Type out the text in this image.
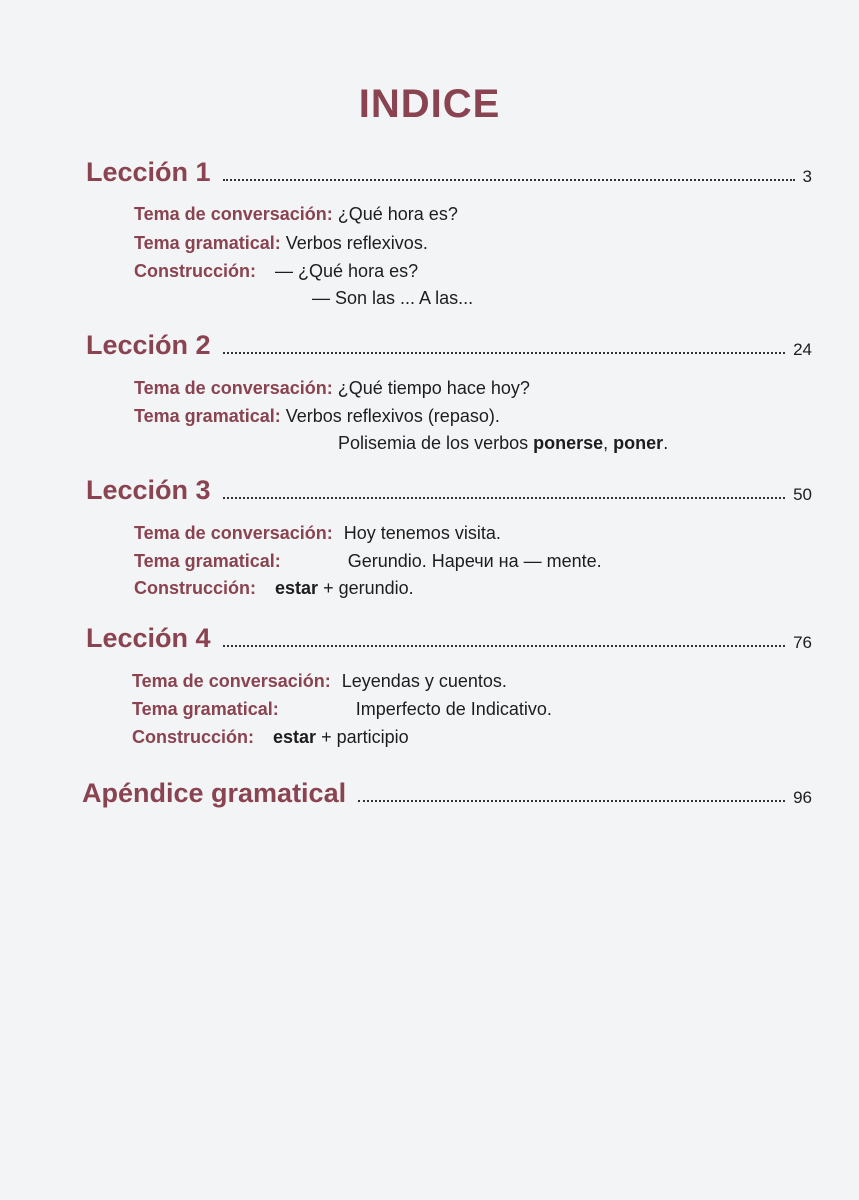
INDICE
Lección 1	3
Tema de conversación: ¿Qué hora es?
Tema gramatical: Verbos reflexivos.
Construcción: — ¿Qué hora es?
— Son las ... A las...
Lección 2	24
Tema de conversación: ¿Qué tiempo hace hoy?
Tema gramatical: Verbos reflexivos (repaso).
Polisemia de los verbos ponerse, poner.
Lección 3	50
Tema de conversación: Hoy tenemos visita.
Tema gramatical:	Gerundio. Наречи на — mente.
Construcción: estar + gerundio.
Lección 4	76
Tema de conversación: Leyendas y cuentos.
Tema gramatical:	Imperfecto de Indicativo.
Construcción: estar + participio
Apéndice gramatical	96
